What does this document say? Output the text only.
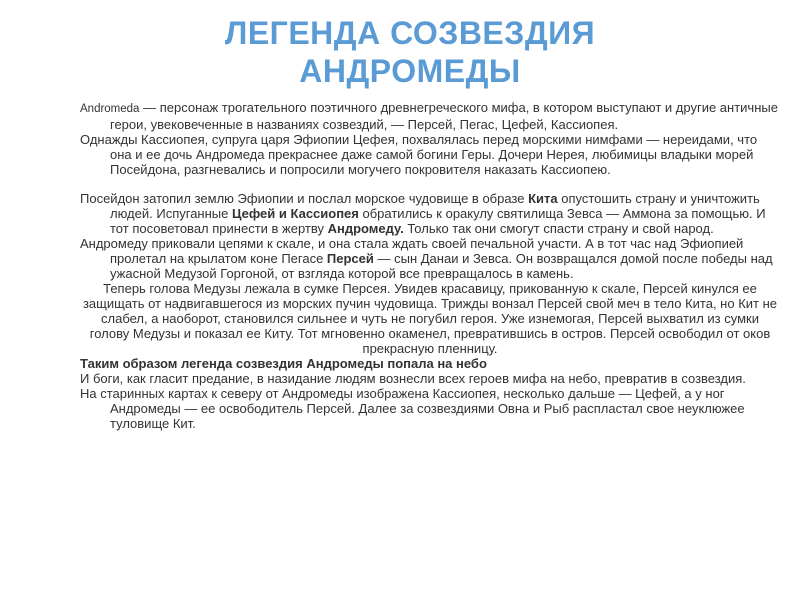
ЛЕГЕНДА СОЗВЕЗДИЯ
АНДРОМЕДЫ

Andromeda — персонаж трогательного поэтичного древнегреческого мифа, в котором выступают и другие античные герои, увековеченные в названиях созвездий, — Персей, Пегас, Цефей, Кассиопея.

Однажды Кассиопея, супруга царя Эфиопии Цефея, похвалялась перед морскими нимфами — нереидами, что она и ее дочь Андромеда прекраснее даже самой богини Геры. Дочери Нерея, любимицы владыки морей Посейдона, разгневались и попросили могучего покровителя наказать Кассиопею.

Посейдон затопил землю Эфиопии и послал морское чудовище в образе Кита опустошить страну и уничтожить людей. Испуганные Цефей и Кассиопея обратились к оракулу святилища Зевса — Аммона за помощью. И тот посоветовал принести в жертву Андромеду. Только так они смогут спасти страну и свой народ.

Андромеду приковали цепями к скале, и она стала ждать своей печальной участи. А в тот час над Эфиопией пролетал на крылатом коне Пегасе Персей — сын Данаи и Зевса. Он возвращался домой после победы над ужасной Медузой Горгоной, от взгляда которой все превращалось в камень.

Теперь голова Медузы лежала в сумке Персея. Увидев красавицу, прикованную к скале, Персей кинулся ее защищать от надвигавшегося из морских пучин чудовища. Трижды вонзал Персей свой меч в тело Кита, но Кит не слабел, а наоборот, становился сильнее и чуть не погубил героя. Уже изнемогая, Персей выхватил из сумки голову Медузы и показал ее Киту. Тот мгновенно окаменел, превратившись в остров. Персей освободил от оков прекрасную пленницу.

Таким образом легенда созвездия Андромеды попала на небо

И боги, как гласит предание, в назидание людям вознесли всех героев мифа на небо, превратив в созвездия.

На старинных картах к северу от Андромеды изображена Кассиопея, несколько дальше — Цефей, а у ног Андромеды — ее освободитель Персей. Далее за созвездиями Овна и Рыб распластал свое неуклюжее туловище Кит.
